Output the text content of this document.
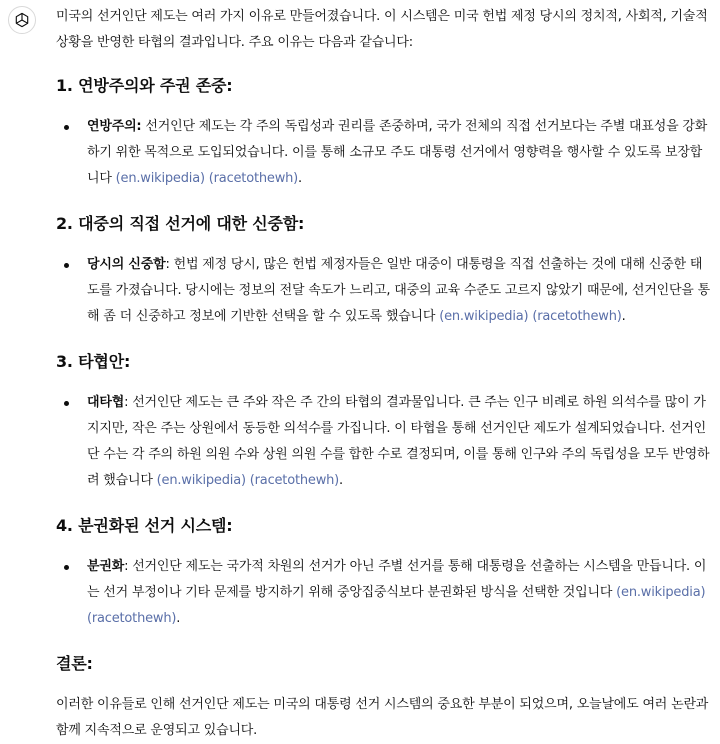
미국의 선거인단 제도는 여러 가지 이유로 만들어졌습니다. 이 시스템은 미국 헌법 제정 당시의 정치적, 사회적, 기술적 상황을 반영한 타협의 결과입니다. 주요 이유는 다음과 같습니다:

1. 연방주의와 주권 존중:
연방주의: 선거인단 제도는 각 주의 독립성과 권리를 존중하며, 국가 전체의 직접 선거보다는 주별 대표성을 강화하기 위한 목적으로 도입되었습니다. 이를 통해 소규모 주도 대통령 선거에서 영향력을 행사할 수 있도록 보장합니다 (en.wikipedia) (racetothewh).
2. 대중의 직접 선거에 대한 신중함:
당시의 신중함: 헌법 제정 당시, 많은 헌법 제정자들은 일반 대중이 대통령을 직접 선출하는 것에 대해 신중한 태도를 가졌습니다. 당시에는 정보의 전달 속도가 느리고, 대중의 교육 수준도 고르지 않았기 때문에, 선거인단을 통해 좀 더 신중하고 정보에 기반한 선택을 할 수 있도록 했습니다 (en.wikipedia) (racetothewh).
3. 타협안:
대타협: 선거인단 제도는 큰 주와 작은 주 간의 타협의 결과물입니다. 큰 주는 인구 비례로 하원 의석수를 많이 가지지만, 작은 주는 상원에서 동등한 의석수를 가집니다. 이 타협을 통해 선거인단 제도가 설계되었습니다. 선거인단 수는 각 주의 하원 의원 수와 상원 의원 수를 합한 수로 결정되며, 이를 통해 인구와 주의 독립성을 모두 반영하려 했습니다 (en.wikipedia) (racetothewh).
4. 분권화된 선거 시스템:
분권화: 선거인단 제도는 국가적 차원의 선거가 아닌 주별 선거를 통해 대통령을 선출하는 시스템을 만듭니다. 이는 선거 부정이나 기타 문제를 방지하기 위해 중앙집중식보다 분권화된 방식을 선택한 것입니다 (en.wikipedia) (racetothewh).
결론:

이러한 이유들로 인해 선거인단 제도는 미국의 대통령 선거 시스템의 중요한 부분이 되었으며, 오늘날에도 여러 논란과 함께 지속적으로 운영되고 있습니다.
